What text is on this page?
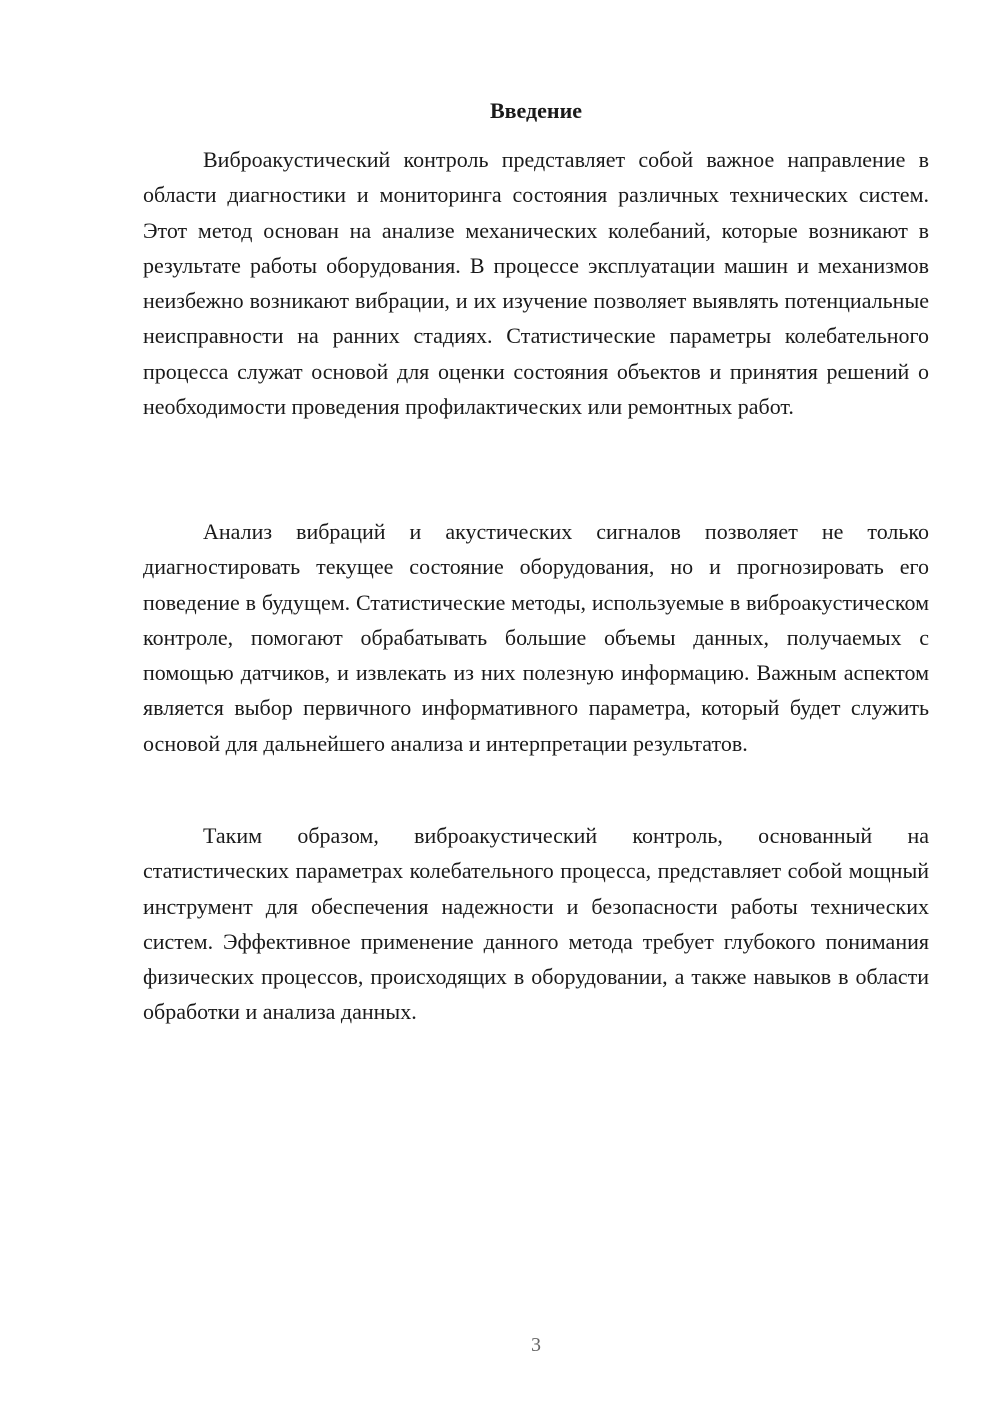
Введение

Виброакустический контроль представляет собой важное направление в области диагностики и мониторинга состояния различных технических систем. Этот метод основан на анализе механических колебаний, которые возникают в результате работы оборудования. В процессе эксплуатации машин и механизмов неизбежно возникают вибрации, и их изучение позволяет выявлять потенциальные неисправности на ранних стадиях. Статистические параметры колебательного процесса служат основой для оценки состояния объектов и принятия решений о необходимости проведения профилактических или ремонтных работ.

Анализ вибраций и акустических сигналов позволяет не только диагностировать текущее состояние оборудования, но и прогнозировать его поведение в будущем. Статистические методы, используемые в виброакустическом контроле, помогают обрабатывать большие объемы данных, получаемых с помощью датчиков, и извлекать из них полезную информацию. Важным аспектом является выбор первичного информативного параметра, который будет служить основой для дальнейшего анализа и интерпретации результатов.

Таким образом, виброакустический контроль, основанный на статистических параметрах колебательного процесса, представляет собой мощный инструмент для обеспечения надежности и безопасности работы технических систем. Эффективное применение данного метода требует глубокого понимания физических процессов, происходящих в оборудовании, а также навыков в области обработки и анализа данных.

3
